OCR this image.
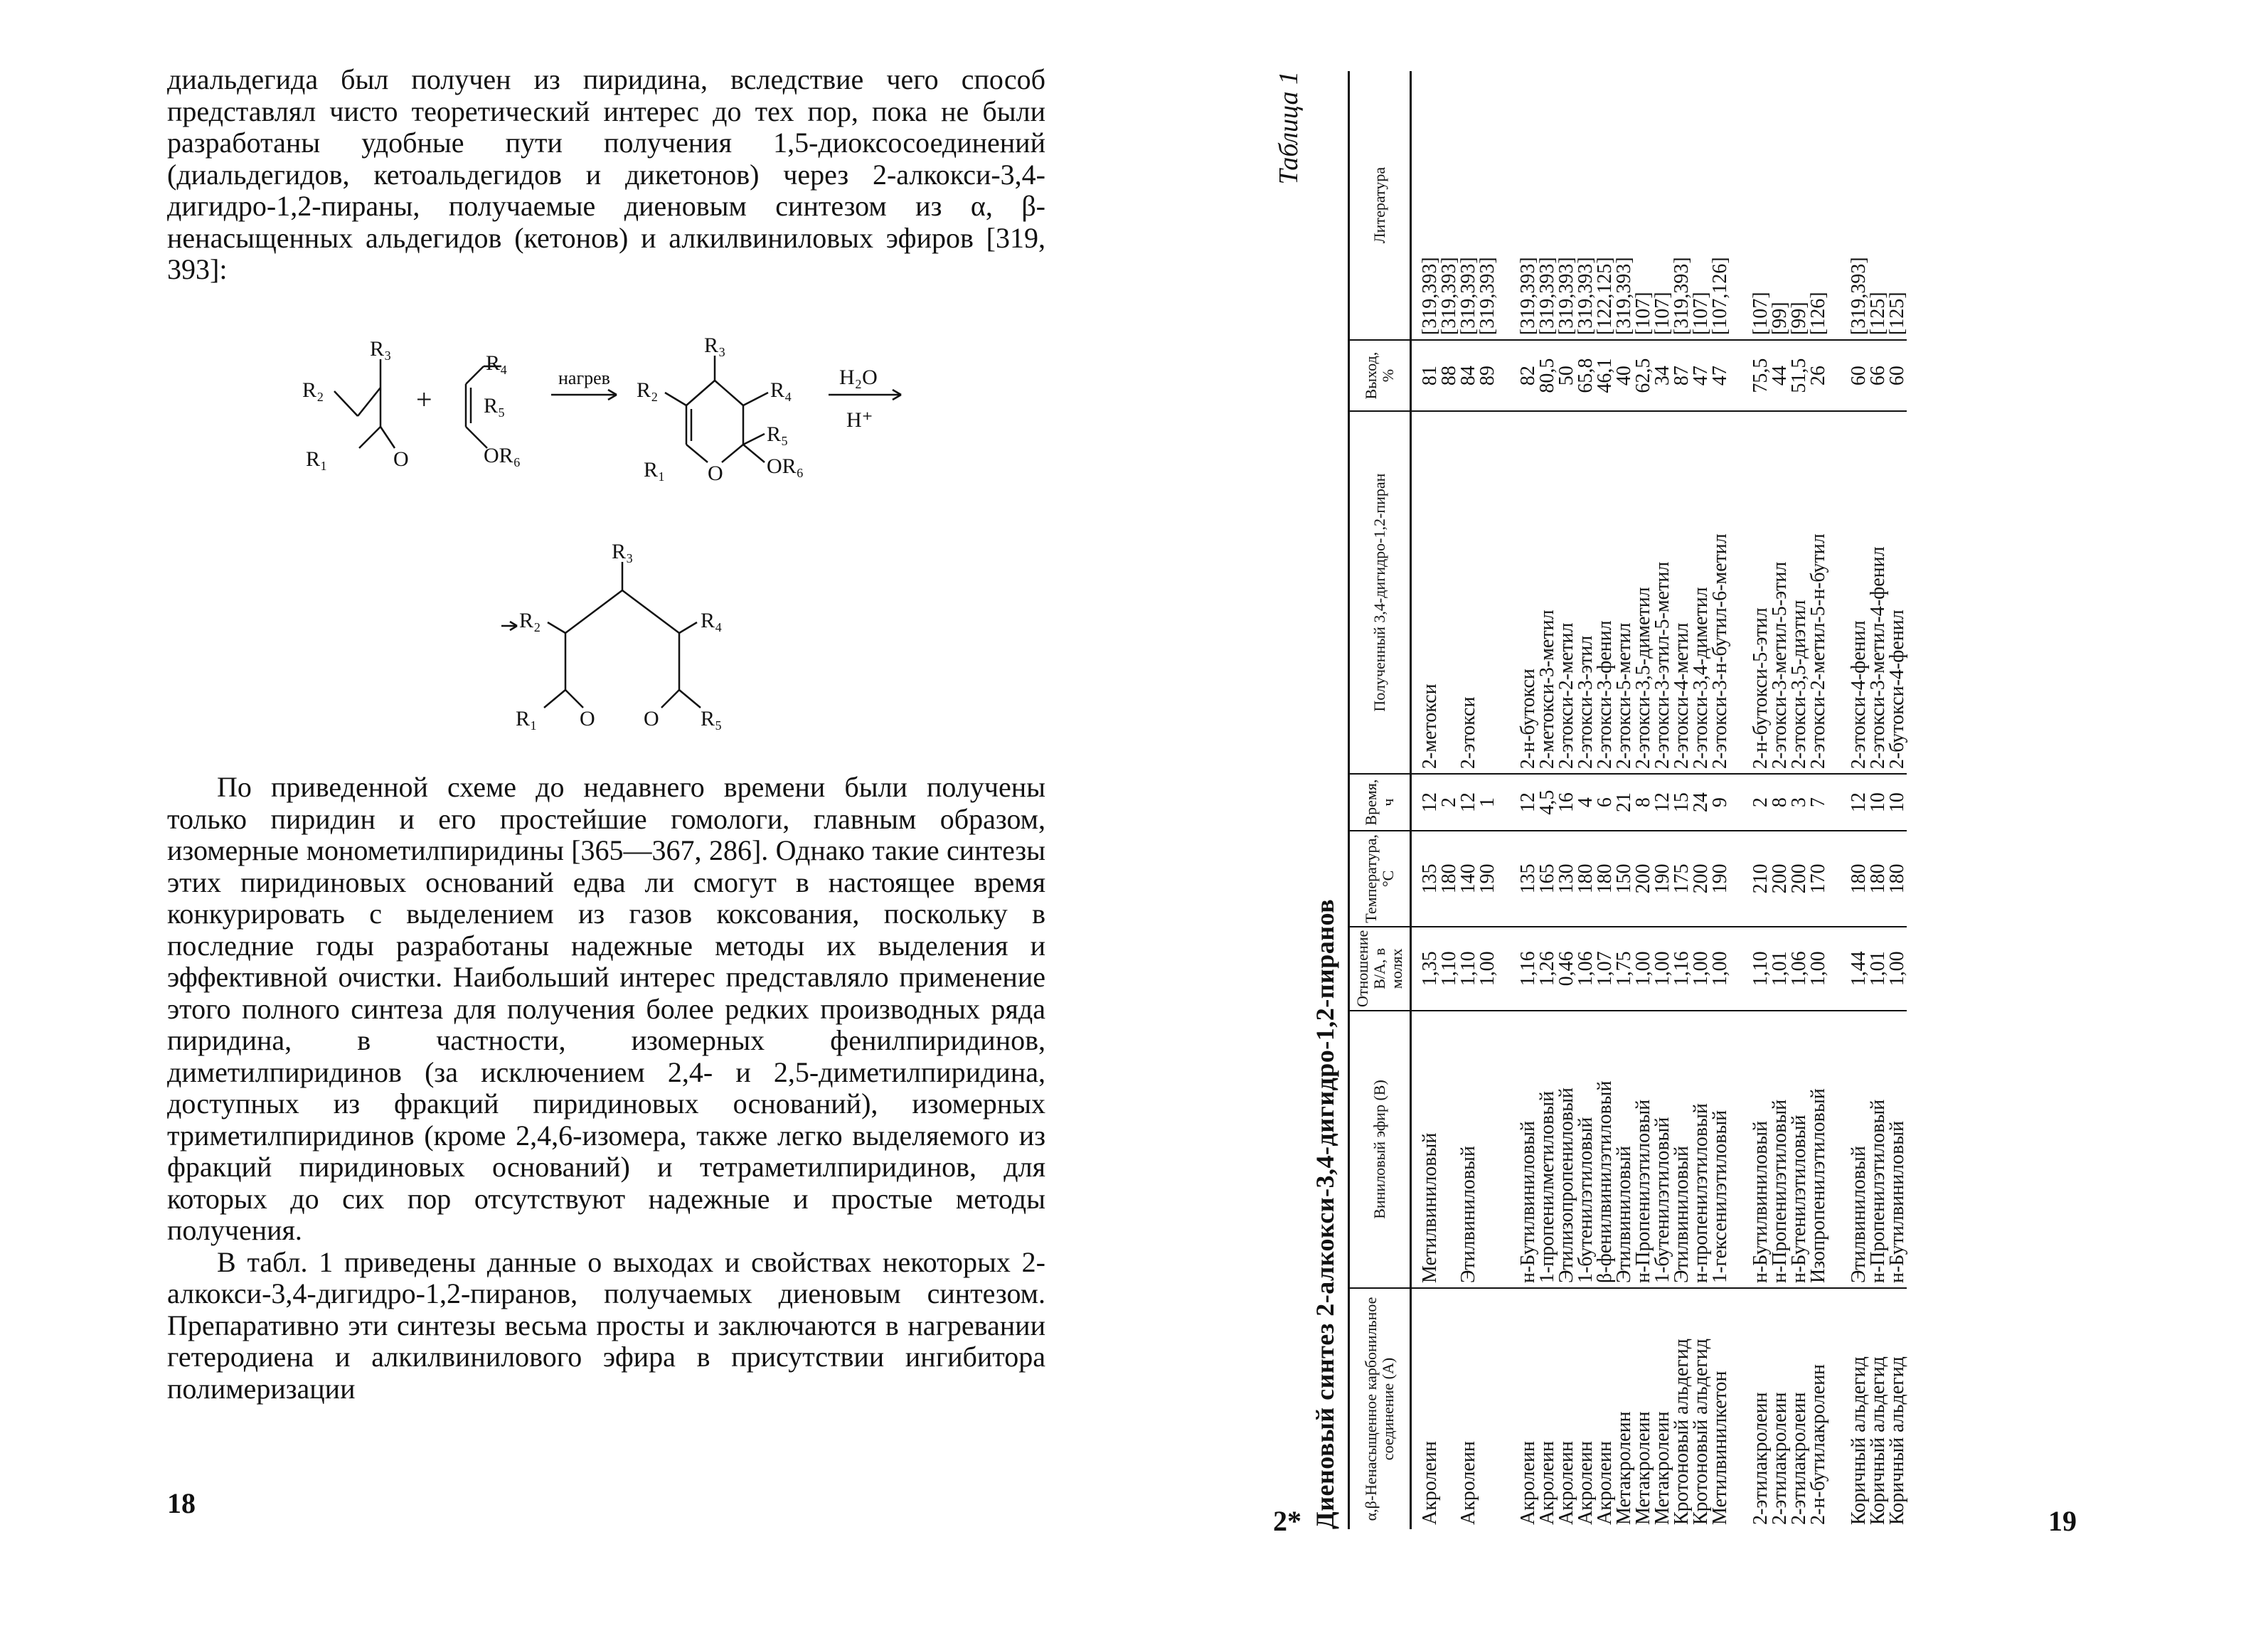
диальдегида был получен из пиридина, вследствие чего способ представлял чисто теоретический интерес до тех пор, пока не были разработаны удобные пути получения 1,5-диоксосоединений (диальдегидов, кетоальдегидов и дикетонов) через 2-алкокси-3,4-дигидро-1,2-пираны, получаемые диеновым синтезом из α, β-ненасыщенных альдегидов (кетонов) и алкилвиниловых эфиров [319, 393]:

R₃
R₂
R₁	O
+
R₄
R₅
OR₆
нагрев
R₃
R₂	R₄
R₅
OR₆
R₁ O
H₂O
H⁺
R₃
R₂	R₄
R₁ O O R₅

По приведенной схеме до недавнего времени были получены только пиридин и его простейшие гомологи, главным образом, изомерные монометилпиридины [365—367, 286]. Однако такие синтезы этих пиридиновых оснований едва ли смогут в настоящее время конкурировать с выделением из газов коксования, поскольку в последние годы разработаны надежные методы их выделения и эффективной очистки. Наибольший интерес представляло применение этого полного синтеза для получения более редких производных ряда пиридина, в частности, изомерных фенилпиридинов, диметилпиридинов (за исключением 2,4- и 2,5-диметилпиридина, доступных из фракций пиридиновых оснований), изомерных триметилпиридинов (кроме 2,4,6-изомера, также легко выделяемого из фракций пиридиновых оснований) и тетраметилпиридинов, для которых до сих пор отсутствуют надежные и простые методы получения.

В табл. 1 приведены данные о выходах и свойствах некоторых 2-алкокси-3,4-дигидро-1,2-пиранов, получаемых диеновым синтезом. Препаративно эти синтезы весьма просты и заключаются в нагревании гетеродиена и алкилвинилового эфира в присутствии ингибитора полимеризации

18
Таблица 1
Диеновый синтез 2-алкокси-3,4-дигидро-1,2-пиранов α,β-Ненасыщенное карбонильное соединение (A)	Виниловый эфир (B)	Отношение B/A, в молях	Температура, °C	Время, ч	Полученный 3,4-дигидро-1,2-пиран	Выход, %	Литература
Акролеин	Метилвиниловый	1,35	135	12	2-метокси	81	[319,393]
		1,10	180	2		88	[319,393]
Акролеин	Этилвиниловый	1,10	140	12	2-этокси	84	[319,393]
		1,00	190	1		89	[319,393]
Акролеин	н-Бутилвиниловый	1,16	135	12	2-н-бутокси	82	[319,393]
Акролеин	1-пропенилметиловый	1,26	165	4,5	2-метокси-3-метил	80,5	[319,393]
Акролеин	Этилизопропениловый	0,46	130	16	2-этокси-2-метил	50	[319,393]
Акролеин	1-бутенилэтиловый	1,06	180	4	2-этокси-3-этил	65,8	[319,393]
Акролеин	β-фенилвинилэтиловый	1,07	180	6	2-этокси-3-фенил	46,1	[122,125]
Метакролеин	Этилвиниловый	1,75	150	21	2-этокси-5-метил	40	[319,393]
Метакролеин	н-Пропенилэтиловый	1,00	200	8	2-этокси-3,5-диметил	62,5	[107]
Метакролеин	1-бутенилэтиловый	1,00	190	12	2-этокси-3-этил-5-метил	34	[107]
Кротоновый альдегид	Этилвиниловый	1,16	175	15	2-этокси-4-метил	87	[319,393]
Кротоновый альдегид	н-пропенилэтиловый	1,00	200	24	2-этокси-3,4-диметил	47	[107]
Метилвинилкетон	1-гексенилэтиловый	1,00	190	9	2-этокси-3-н-бутил-6-метил	47	[107,126]
2-этилакролеин	н-Бутилвиниловый	1,10	210	2	2-н-бутокси-5-этил	75,5	[107]
2-этилакролеин	н-Пропенилэтиловый	1,01	200	8	2-этокси-3-метил-5-этил	44	[99]
2-этилакролеин	н-Бутенилэтиловый	1,06	200	3	2-этокси-3,5-диэтил	51,5	[99]
2-н-бутилакролеин	Изопропенилэтиловый	1,00	170	7	2-этокси-2-метил-5-н-бутил	26	[126]
Коричный альдегид	Этилвиниловый	1,44	180	12	2-этокси-4-фенил	60	[319,393]
Коричный альдегид	н-Пропенилэтиловый	1,01	180	10	2-этокси-3-метил-4-фенил	66	[125]
Коричный альдегид	н-Бутилвиниловый	1,00	180	10	2-бутокси-4-фенил	60	[125]
2*	19
